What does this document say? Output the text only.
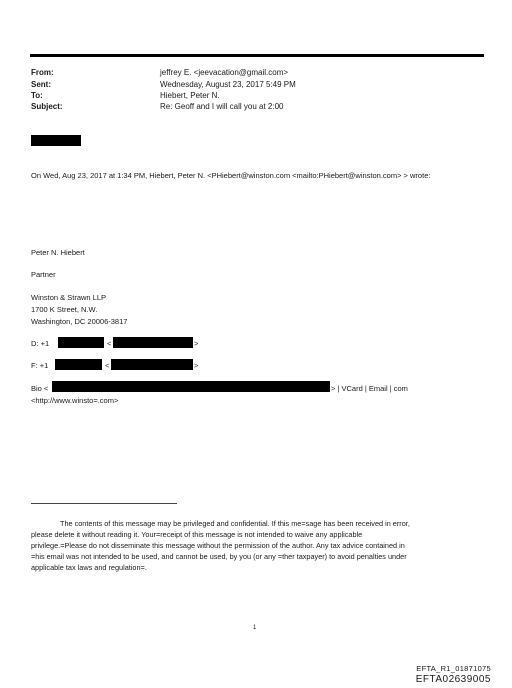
From:	jeffrey E. <jeevacation@gmail.com>
Sent:	Wednesday, August 23, 2017 5:49 PM
To:	Hiebert, Peter N.
Subject:	Re: Geoff and I will call you at 2:00
On Wed, Aug 23, 2017 at 1:34 PM, Hiebert, Peter N. <PHiebert@winston.com <mailto:PHiebert@winston.com> > wrote:
Peter N. Hiebert
Partner
Winston & Strawn LLP
1700 K Street, N.W.
Washington, DC 20006-3817
D: +1	<	>
F: +1	<	>
Bio <	> | VCard | Email | com
<http://www.winsto=.com>

The contents of this message may be privileged and confidential. If this me=sage has been received in error,

please delete it without reading it. Your=receipt of this message is not intended to waive any applicable

privilege.=Please do not disseminate this message without the permission of the author. Any tax advice contained in

=his email was not intended to be used, and cannot be used, by you (or any =ther taxpayer) to avoid penalties under

applicable tax laws and regulation=.

1
EFTA_R1_01871075
EFTA02639005
